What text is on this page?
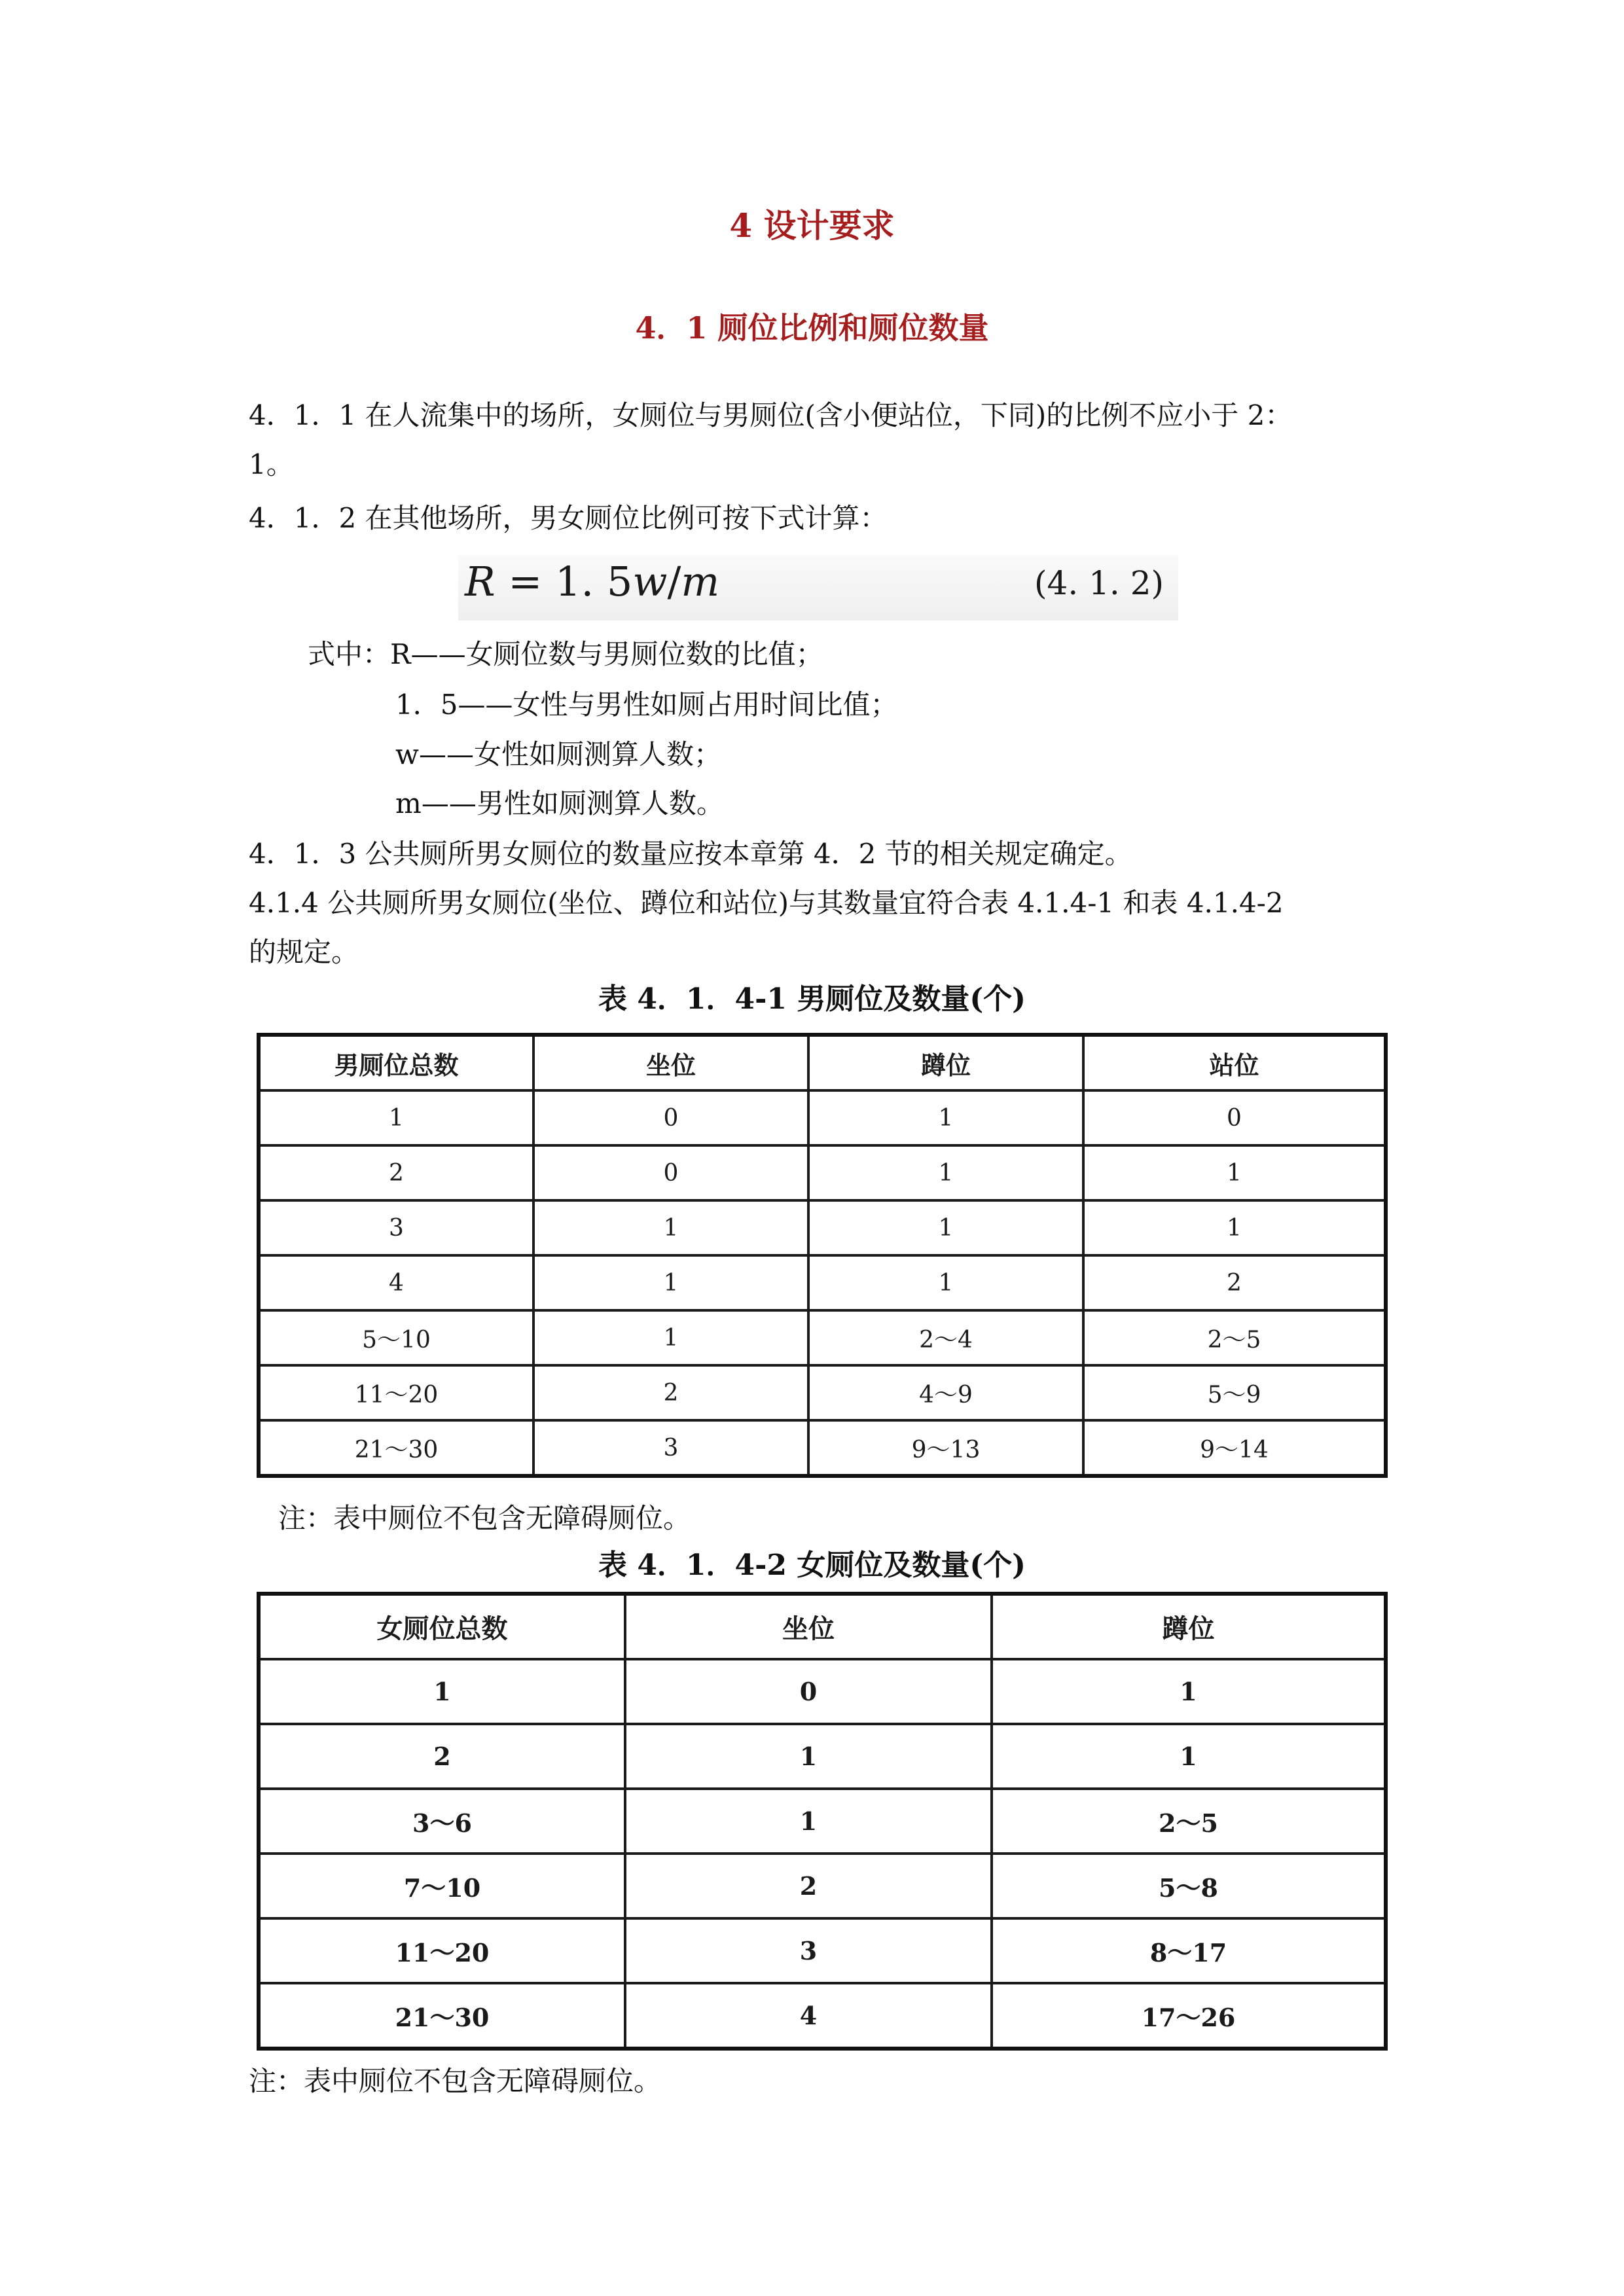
4 设计要求
4．1 厕位比例和厕位数量
4．1．1 在人流集中的场所，女厕位与男厕位(含小便站位，下同)的比例不应小于 2：
1。
4．1．2 在其他场所，男女厕位比例可按下式计算：
R = 1. 5w/m	(4. 1. 2)
式中：R——女厕位数与男厕位数的比值；
1．5——女性与男性如厕占用时间比值；
w——女性如厕测算人数；
m——男性如厕测算人数。
4．1．3 公共厕所男女厕位的数量应按本章第 4．2 节的相关规定确定。
4.1.4 公共厕所男女厕位(坐位、蹲位和站位)与其数量宜符合表 4.1.4-1 和表 4.1.4-2
的规定。
表 4．1．4-1 男厕位及数量(个)
男厕位总数	坐位	蹲位	站位
1	0	1	0
2	0	1	1
3	1	1	1
4	1	1	2
5～10	1	2～4	2～5
11～20	2	4～9	5～9
21～30	3	9～13	9～14
注：表中厕位不包含无障碍厕位。
表 4．1．4-2 女厕位及数量(个)
女厕位总数	坐位	蹲位
1	0	1
2	1	1
3～6	1	2～5
7～10	2	5～8
11～20	3	8～17
21～30	4	17～26
注：表中厕位不包含无障碍厕位。
